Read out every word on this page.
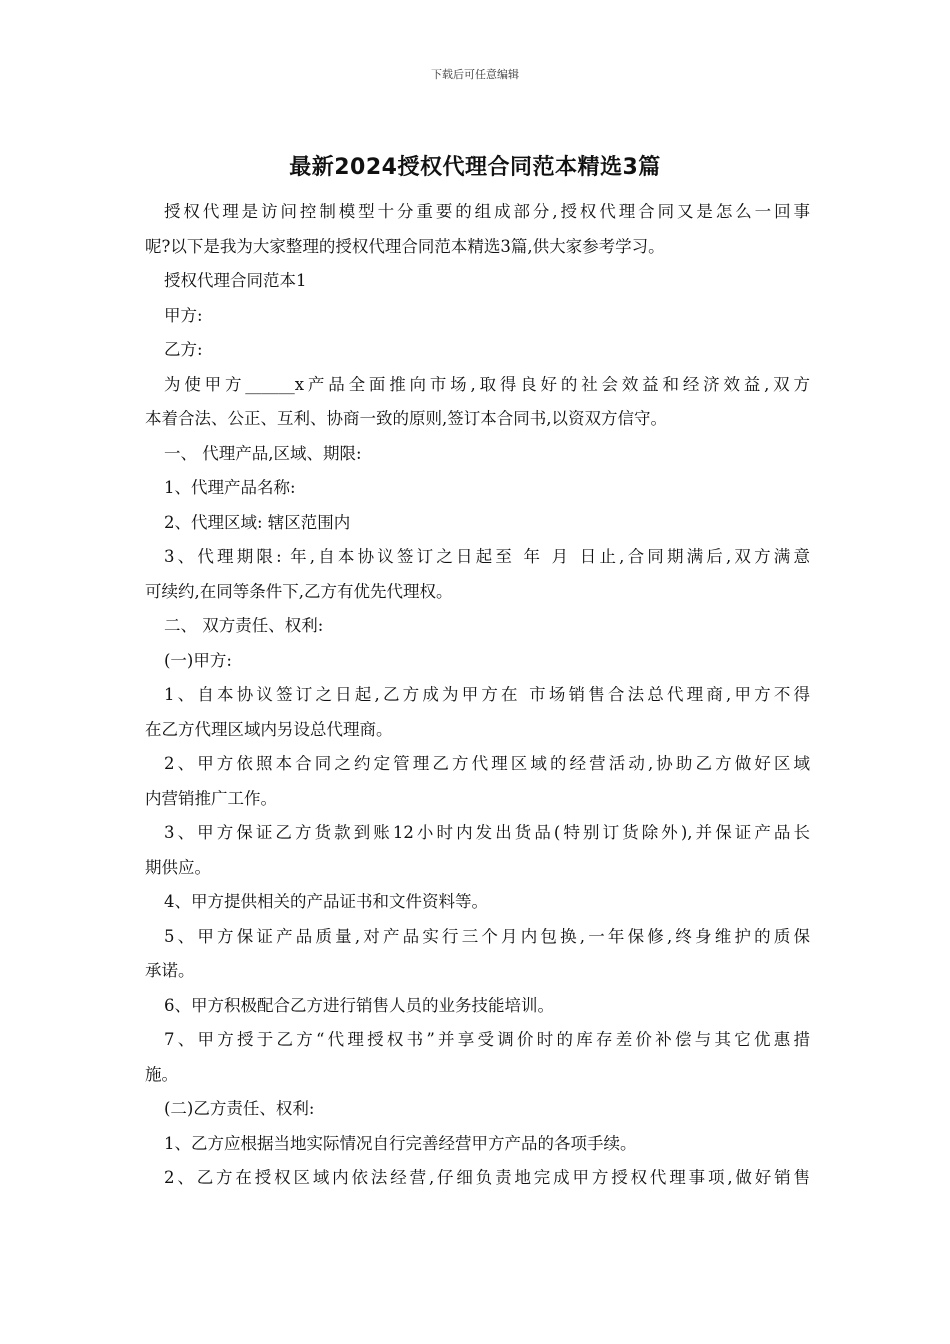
下载后可任意编辑
最新2024授权代理合同范本精选3篇
授权代理是访问控制模型十分重要的组成部分,授权代理合同又是怎么一回事
呢?以下是我为大家整理的授权代理合同范本精选3篇,供大家参考学习。
授权代理合同范本1
甲方:
乙方:
为使甲方______x产品全面推向市场,取得良好的社会效益和经济效益,双方
本着合法、公正、互利、协商一致的原则,签订本合同书,以资双方信守。
一、 代理产品,区域、期限:
1、代理产品名称:
2、代理区域: 辖区范围内
3、代理期限: 年,自本协议签订之日起至 年 月 日止,合同期满后,双方满意
可续约,在同等条件下,乙方有优先代理权。
二、 双方责任、权利:
(一)甲方:
1、自本协议签订之日起,乙方成为甲方在 市场销售合法总代理商,甲方不得
在乙方代理区域内另设总代理商。
2、甲方依照本合同之约定管理乙方代理区域的经营活动,协助乙方做好区域
内营销推广工作。
3、甲方保证乙方货款到账12小时内发出货品(特别订货除外),并保证产品长
期供应。
4、甲方提供相关的产品证书和文件资料等。
5、甲方保证产品质量,对产品实行三个月内包换,一年保修,终身维护的质保
承诺。
6、甲方积极配合乙方进行销售人员的业务技能培训。
7、甲方授于乙方“代理授权书”并享受调价时的库存差价补偿与其它优惠措
施。
(二)乙方责任、权利:
1、乙方应根据当地实际情况自行完善经营甲方产品的各项手续。
2、乙方在授权区域内依法经营,仔细负责地完成甲方授权代理事项,做好销售
